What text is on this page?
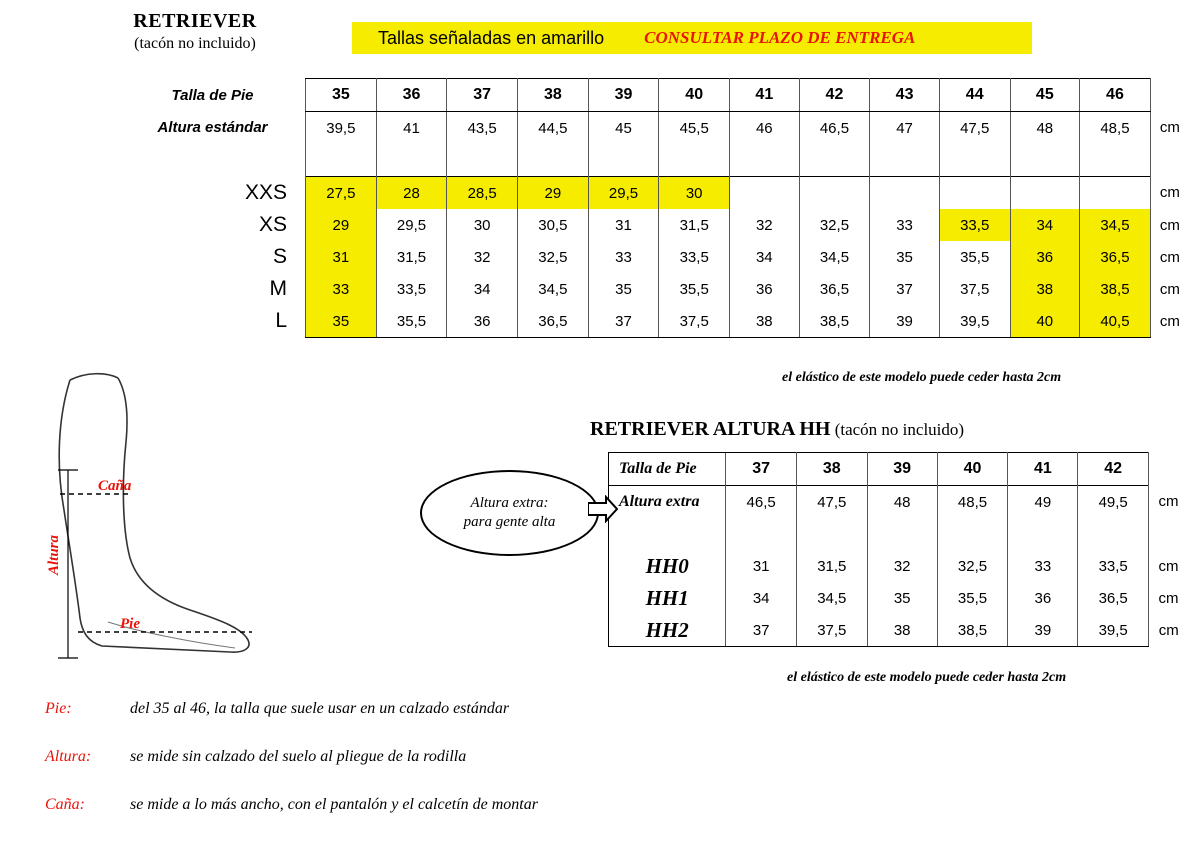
RETRIEVER
(tacón no incluido)	Tallas señaladas en amarillo CONSULTAR PLAZO DE ENTREGA
Talla de Pie	35	36	37	38	39	40	41	42	43	44	45	46	
Altura estándar	39,5	41	43,5	44,5	45	45,5	46	46,5	47	47,5	48	48,5	cm

XXS	27,5	28	28,5	29	29,5	30							cm
XS	29	29,5	30	30,5	31	31,5	32	32,5	33	33,5	34	34,5	cm
S	31	31,5	32	32,5	33	33,5	34	34,5	35	35,5	36	36,5	cm
M	33	33,5	34	34,5	35	35,5	36	36,5	37	37,5	38	38,5	cm
L	35	35,5	36	36,5	37	37,5	38	38,5	39	39,5	40	40,5	cm
el elástico de este modelo puede ceder hasta 2cm
RETRIEVER ALTURA HH (tacón no incluido)
Talla de Pie	37	38	39	40	41	42	
Altura extra	46,5	47,5	48	48,5	49	49,5	cm

HH0	31	31,5	32	32,5	33	33,5	cm
HH1	34	34,5	35	35,5	36	36,5	cm
HH2	37	37,5	38	38,5	39	39,5	cm
el elástico de este modelo puede ceder hasta 2cm
Altura extra:
para gente alta
Altura
Caña
Pie
Pie:	del 35 al 46, la talla que suele usar en un calzado estándar
Altura:	se mide sin calzado del suelo al pliegue de la rodilla
Caña:	se mide a lo más ancho, con el pantalón y el calcetín de montar
